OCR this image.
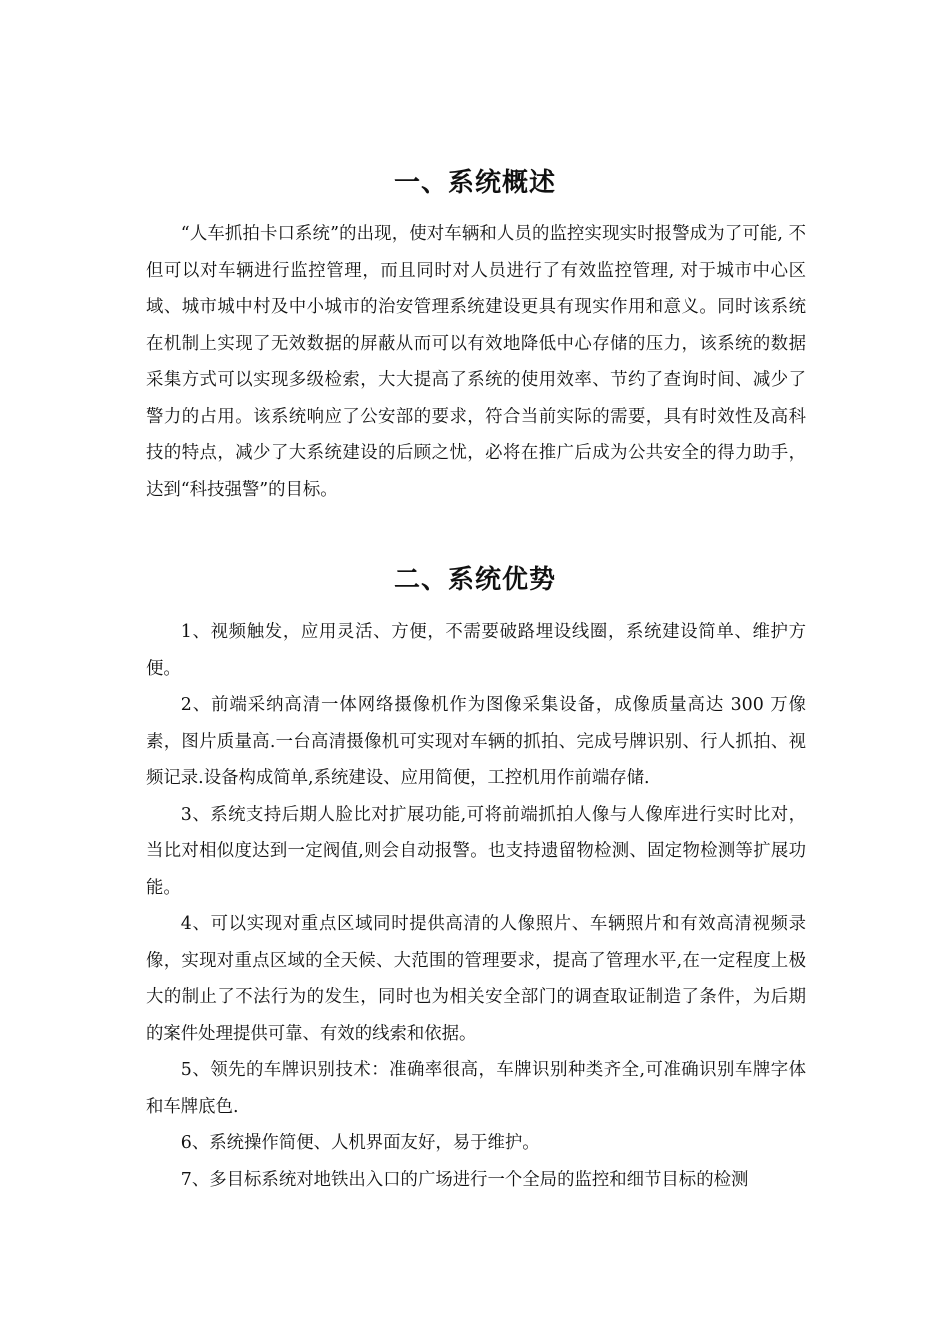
一、系统概述

“人车抓拍卡口系统”的出现，使对车辆和人员的监控实现实时报警成为了可能, 不但可以对车辆进行监控管理，而且同时对人员进行了有效监控管理, 对于城市中心区域、城市城中村及中小城市的治安管理系统建设更具有现实作用和意义。同时该系统在机制上实现了无效数据的屏蔽从而可以有效地降低中心存储的压力，该系统的数据采集方式可以实现多级检索，大大提高了系统的使用效率、节约了查询时间、减少了警力的占用。该系统响应了公安部的要求，符合当前实际的需要，具有时效性及高科技的特点，减少了大系统建设的后顾之忧，必将在推广后成为公共安全的得力助手，达到“科技强警”的目标。

二、系统优势

1、视频触发，应用灵活、方便，不需要破路埋设线圈，系统建设简单、维护方便。

2、前端采纳高清一体网络摄像机作为图像采集设备，成像质量高达 300 万像素，图片质量高.一台高清摄像机可实现对车辆的抓拍、完成号牌识别、行人抓拍、视频记录.设备构成简单,系统建设、应用简便，工控机用作前端存储.

3、系统支持后期人脸比对扩展功能,可将前端抓拍人像与人像库进行实时比对，当比对相似度达到一定阀值,则会自动报警。也支持遗留物检测、固定物检测等扩展功能。

4、可以实现对重点区域同时提供高清的人像照片、车辆照片和有效高清视频录像，实现对重点区域的全天候、大范围的管理要求，提高了管理水平,在一定程度上极大的制止了不法行为的发生，同时也为相关安全部门的调查取证制造了条件，为后期的案件处理提供可靠、有效的线索和依据。

5、领先的车牌识别技术：准确率很高，车牌识别种类齐全,可准确识别车牌字体和车牌底色.

6、系统操作简便、人机界面友好，易于维护。

7、多目标系统对地铁出入口的广场进行一个全局的监控和细节目标的检测
